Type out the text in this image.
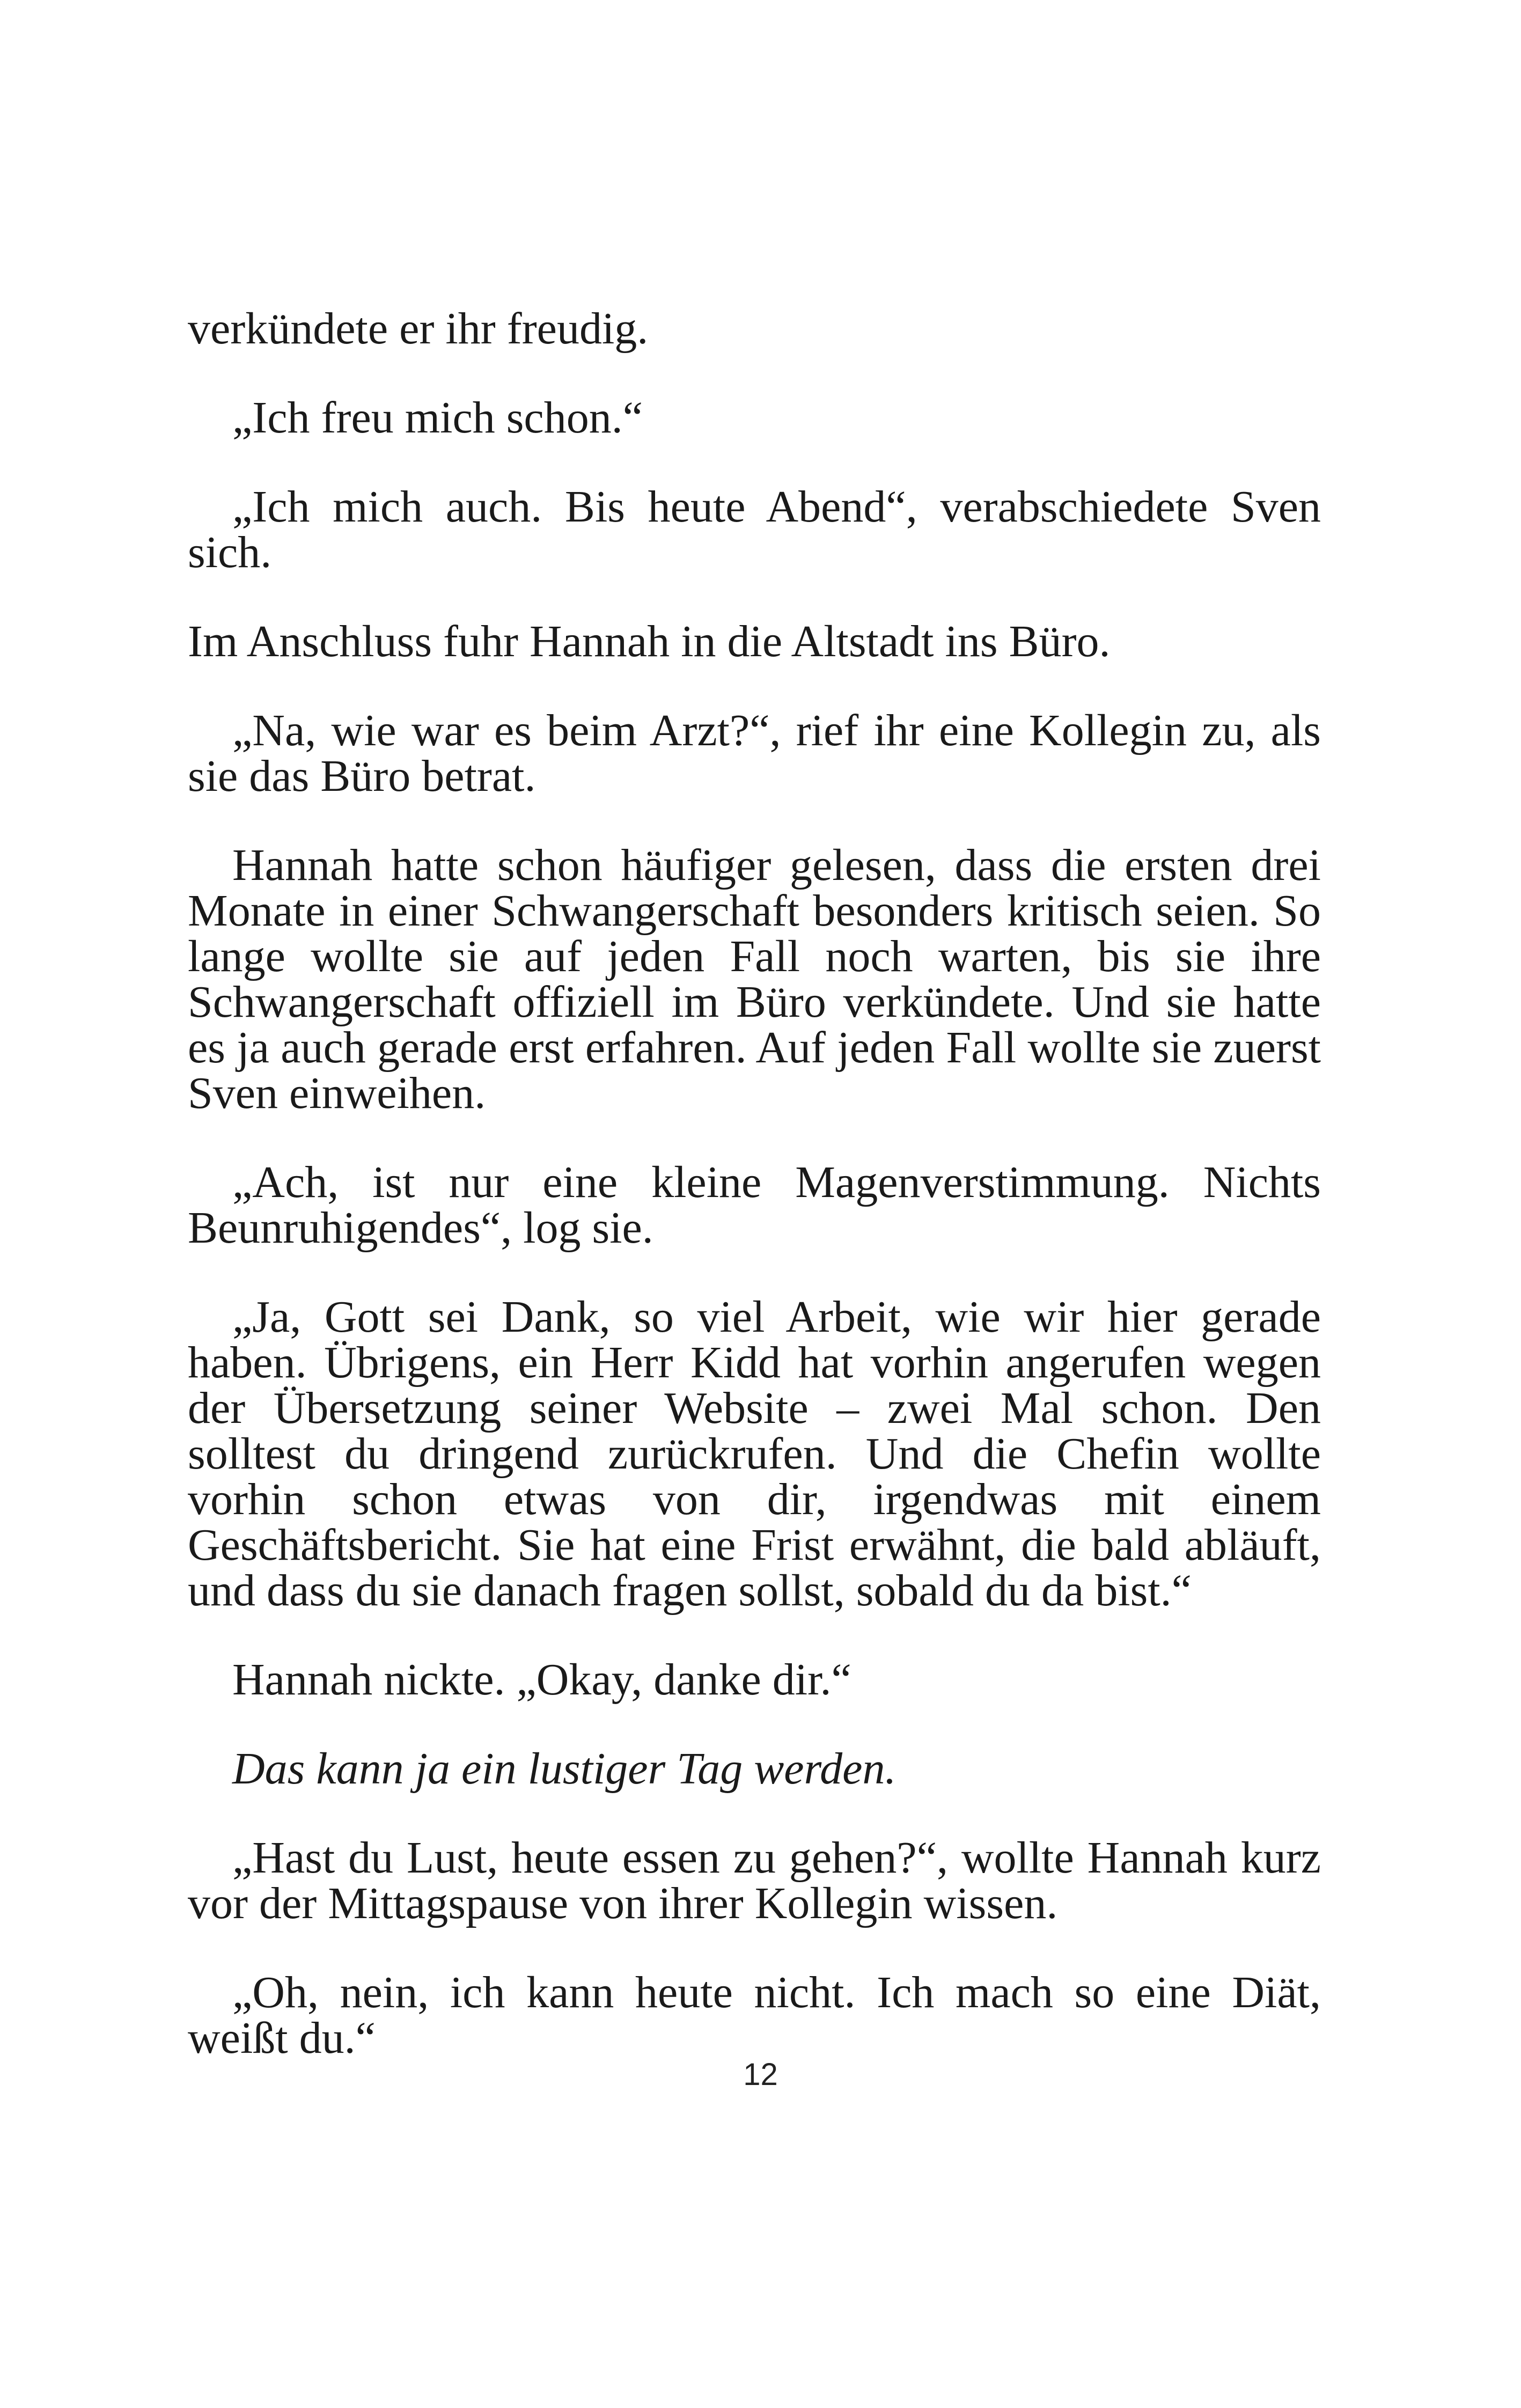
verkündete er ihr freudig.

„Ich freu mich schon.“

„Ich mich auch. Bis heute Abend“, verabschiedete Sven sich.

Im Anschluss fuhr Hannah in die Altstadt ins Büro.

„Na, wie war es beim Arzt?“, rief ihr eine Kollegin zu, als sie das Büro betrat.

Hannah hatte schon häufiger gelesen, dass die ersten drei Monate in einer Schwangerschaft besonders kritisch seien. So lange wollte sie auf jeden Fall noch warten, bis sie ihre Schwangerschaft offiziell im Büro verkündete. Und sie hatte es ja auch gerade erst erfahren. Auf jeden Fall wollte sie zuerst Sven einweihen.

„Ach, ist nur eine kleine Magenverstimmung. Nichts Beunruhigendes“, log sie.

„Ja, Gott sei Dank, so viel Arbeit, wie wir hier gerade haben. Übrigens, ein Herr Kidd hat vorhin angerufen wegen der Übersetzung seiner Website – zwei Mal schon. Den solltest du dringend zurückrufen. Und die Chefin wollte vorhin schon etwas von dir, irgendwas mit einem Geschäftsbericht. Sie hat eine Frist erwähnt, die bald abläuft, und dass du sie danach fragen sollst, sobald du da bist.“

Hannah nickte. „Okay, danke dir.“

Das kann ja ein lustiger Tag werden.

„Hast du Lust, heute essen zu gehen?“, wollte Hannah kurz vor der Mittagspause von ihrer Kollegin wissen.

„Oh, nein, ich kann heute nicht. Ich mach so eine Diät, weißt du.“

12
